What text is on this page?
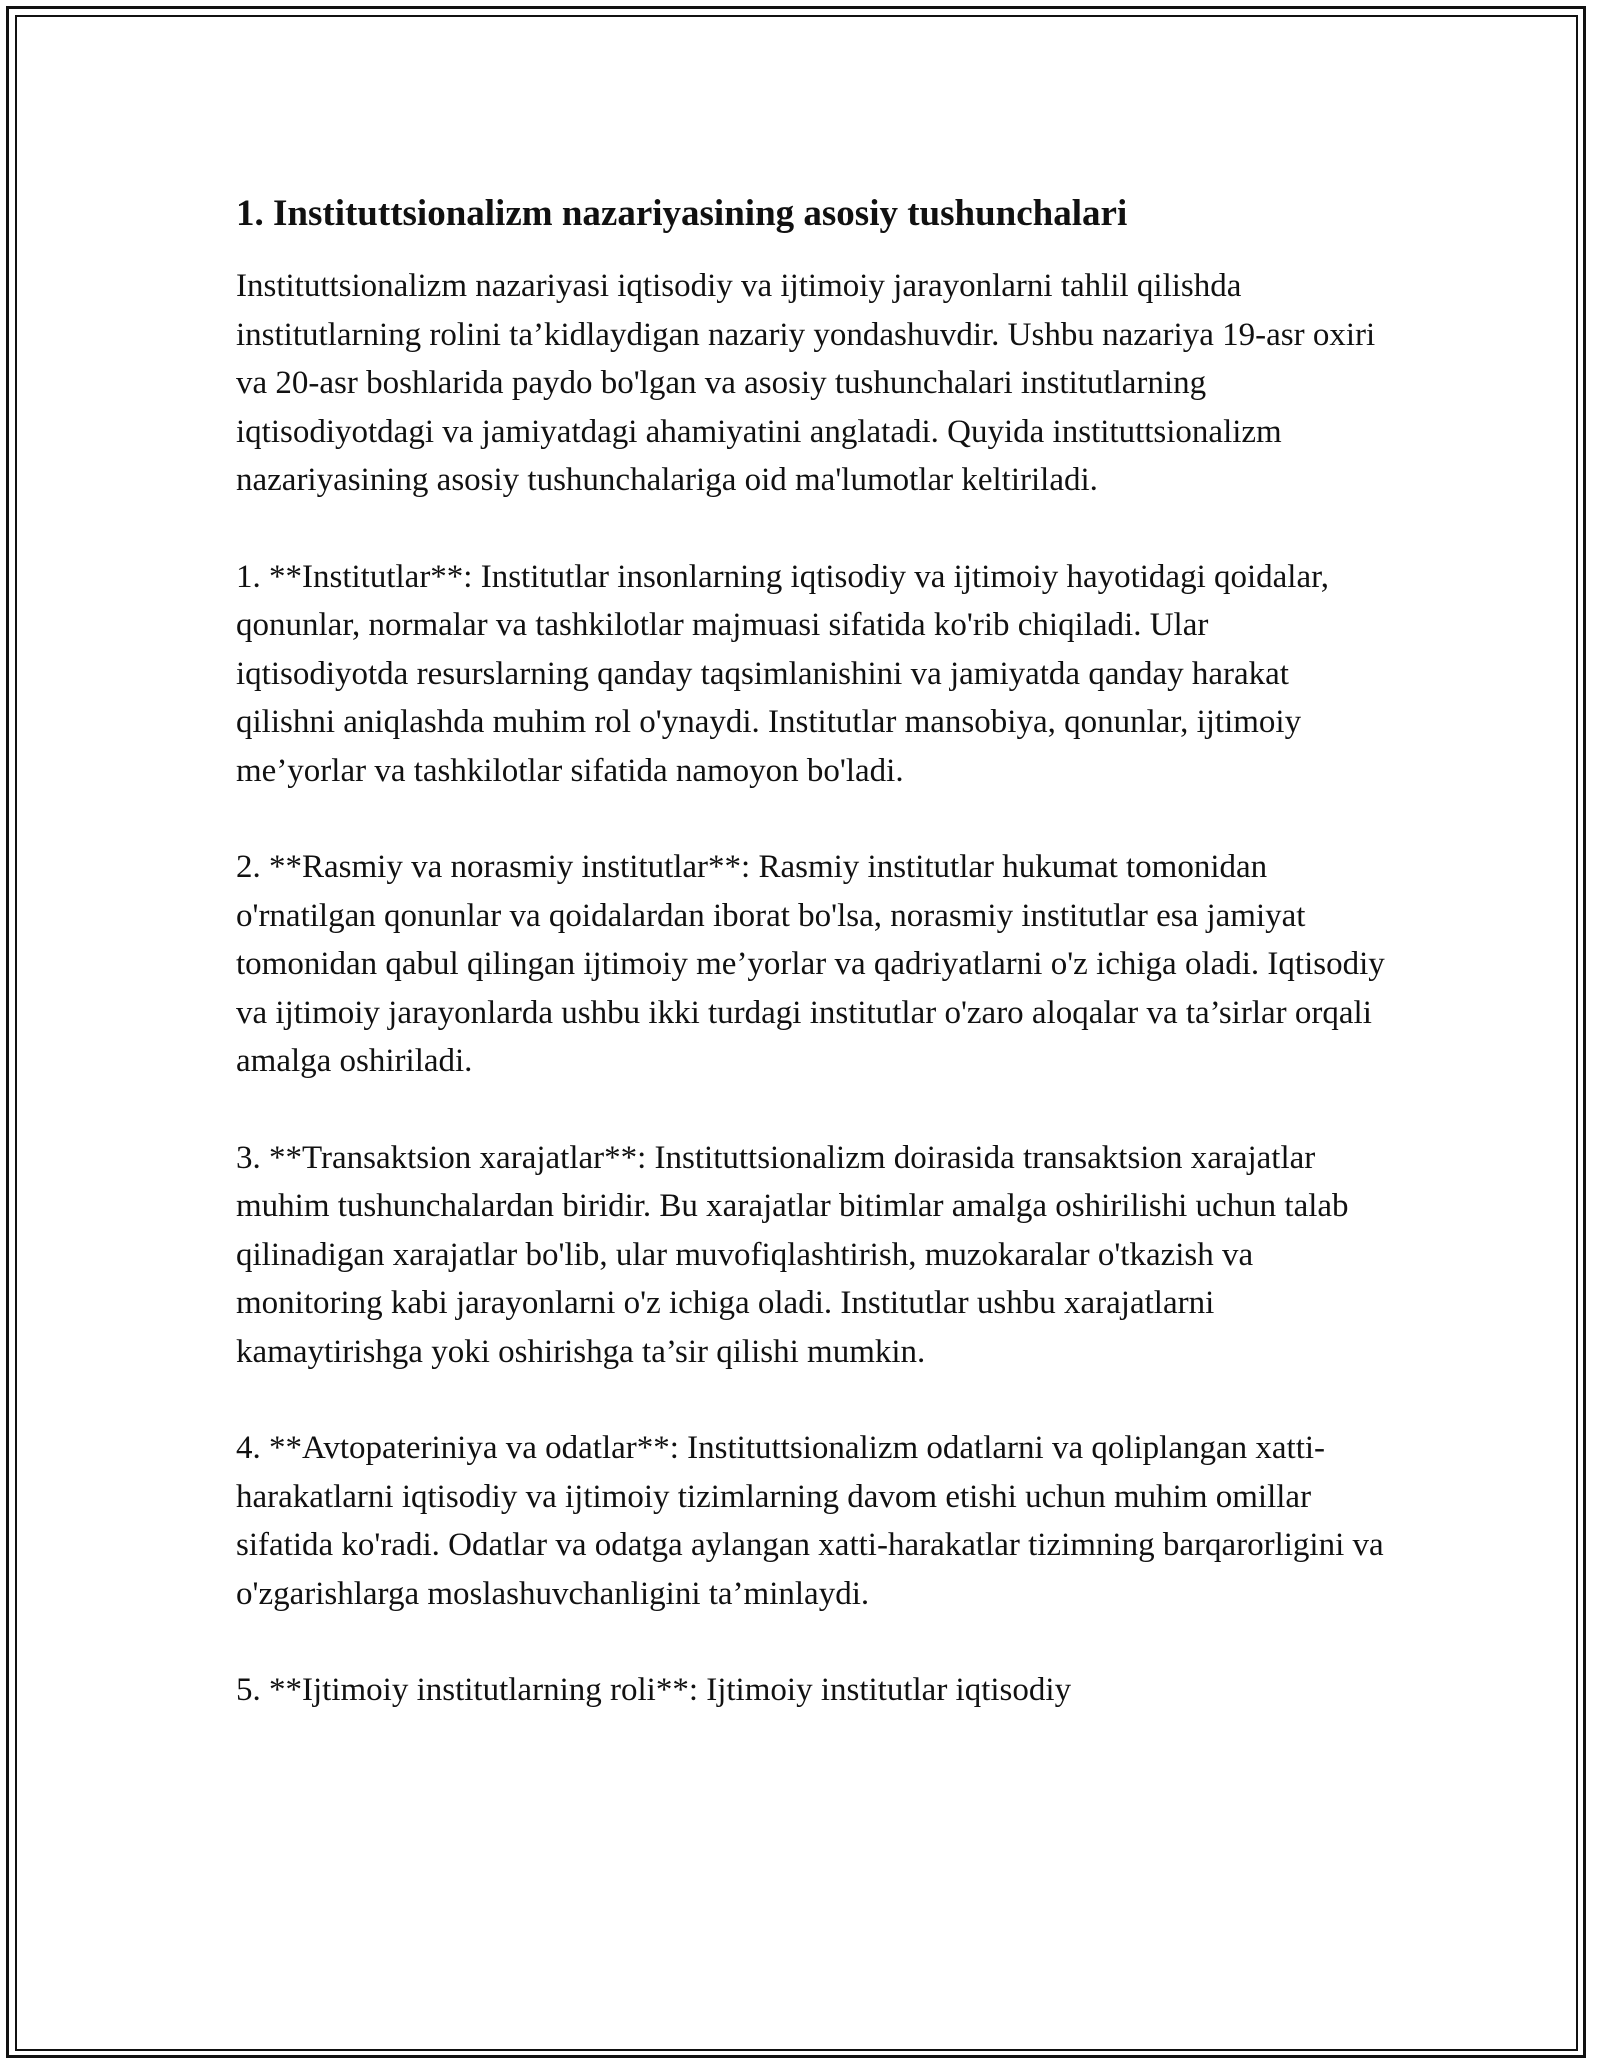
1. Instituttsionalizm nazariyasining asosiy tushunchalari

Instituttsionalizm nazariyasi iqtisodiy va ijtimoiy jarayonlarni tahlil qilishda institutlarning rolini ta’kidlaydigan nazariy yondashuvdir. Ushbu nazariya 19-asr oxiri va 20-asr boshlarida paydo bo'lgan va asosiy tushunchalari institutlarning iqtisodiyotdagi va jamiyatdagi ahamiyatini anglatadi. Quyida instituttsionalizm nazariyasining asosiy tushunchalariga oid ma'lumotlar keltiriladi.

1. **Institutlar**: Institutlar insonlarning iqtisodiy va ijtimoiy hayotidagi qoidalar, qonunlar, normalar va tashkilotlar majmuasi sifatida ko'rib chiqiladi. Ular iqtisodiyotda resurslarning qanday taqsimlanishini va jamiyatda qanday harakat qilishni aniqlashda muhim rol o'ynaydi. Institutlar mansobiya, qonunlar, ijtimoiy me’yorlar va tashkilotlar sifatida namoyon bo'ladi.

2. **Rasmiy va norasmiy institutlar**: Rasmiy institutlar hukumat tomonidan o'rnatilgan qonunlar va qoidalardan iborat bo'lsa, norasmiy institutlar esa jamiyat tomonidan qabul qilingan ijtimoiy me’yorlar va qadriyatlarni o'z ichiga oladi. Iqtisodiy va ijtimoiy jarayonlarda ushbu ikki turdagi institutlar o'zaro aloqalar va ta’sirlar orqali amalga oshiriladi.

3. **Transaktsion xarajatlar**: Instituttsionalizm doirasida transaktsion xarajatlar muhim tushunchalardan biridir. Bu xarajatlar bitimlar amalga oshirilishi uchun talab qilinadigan xarajatlar bo'lib, ular muvofiqlashtirish, muzokaralar o'tkazish va monitoring kabi jarayonlarni o'z ichiga oladi. Institutlar ushbu xarajatlarni kamaytirishga yoki oshirishga ta’sir qilishi mumkin.

4. **Avtopateriniya va odatlar**: Instituttsionalizm odatlarni va qoliplangan xatti-harakatlarni iqtisodiy va ijtimoiy tizimlarning davom etishi uchun muhim omillar sifatida ko'radi. Odatlar va odatga aylangan xatti-harakatlar tizimning barqarorligini va o'zgarishlarga moslashuvchanligini ta’minlaydi.

5. **Ijtimoiy institutlarning roli**: Ijtimoiy institutlar iqtisodiy
